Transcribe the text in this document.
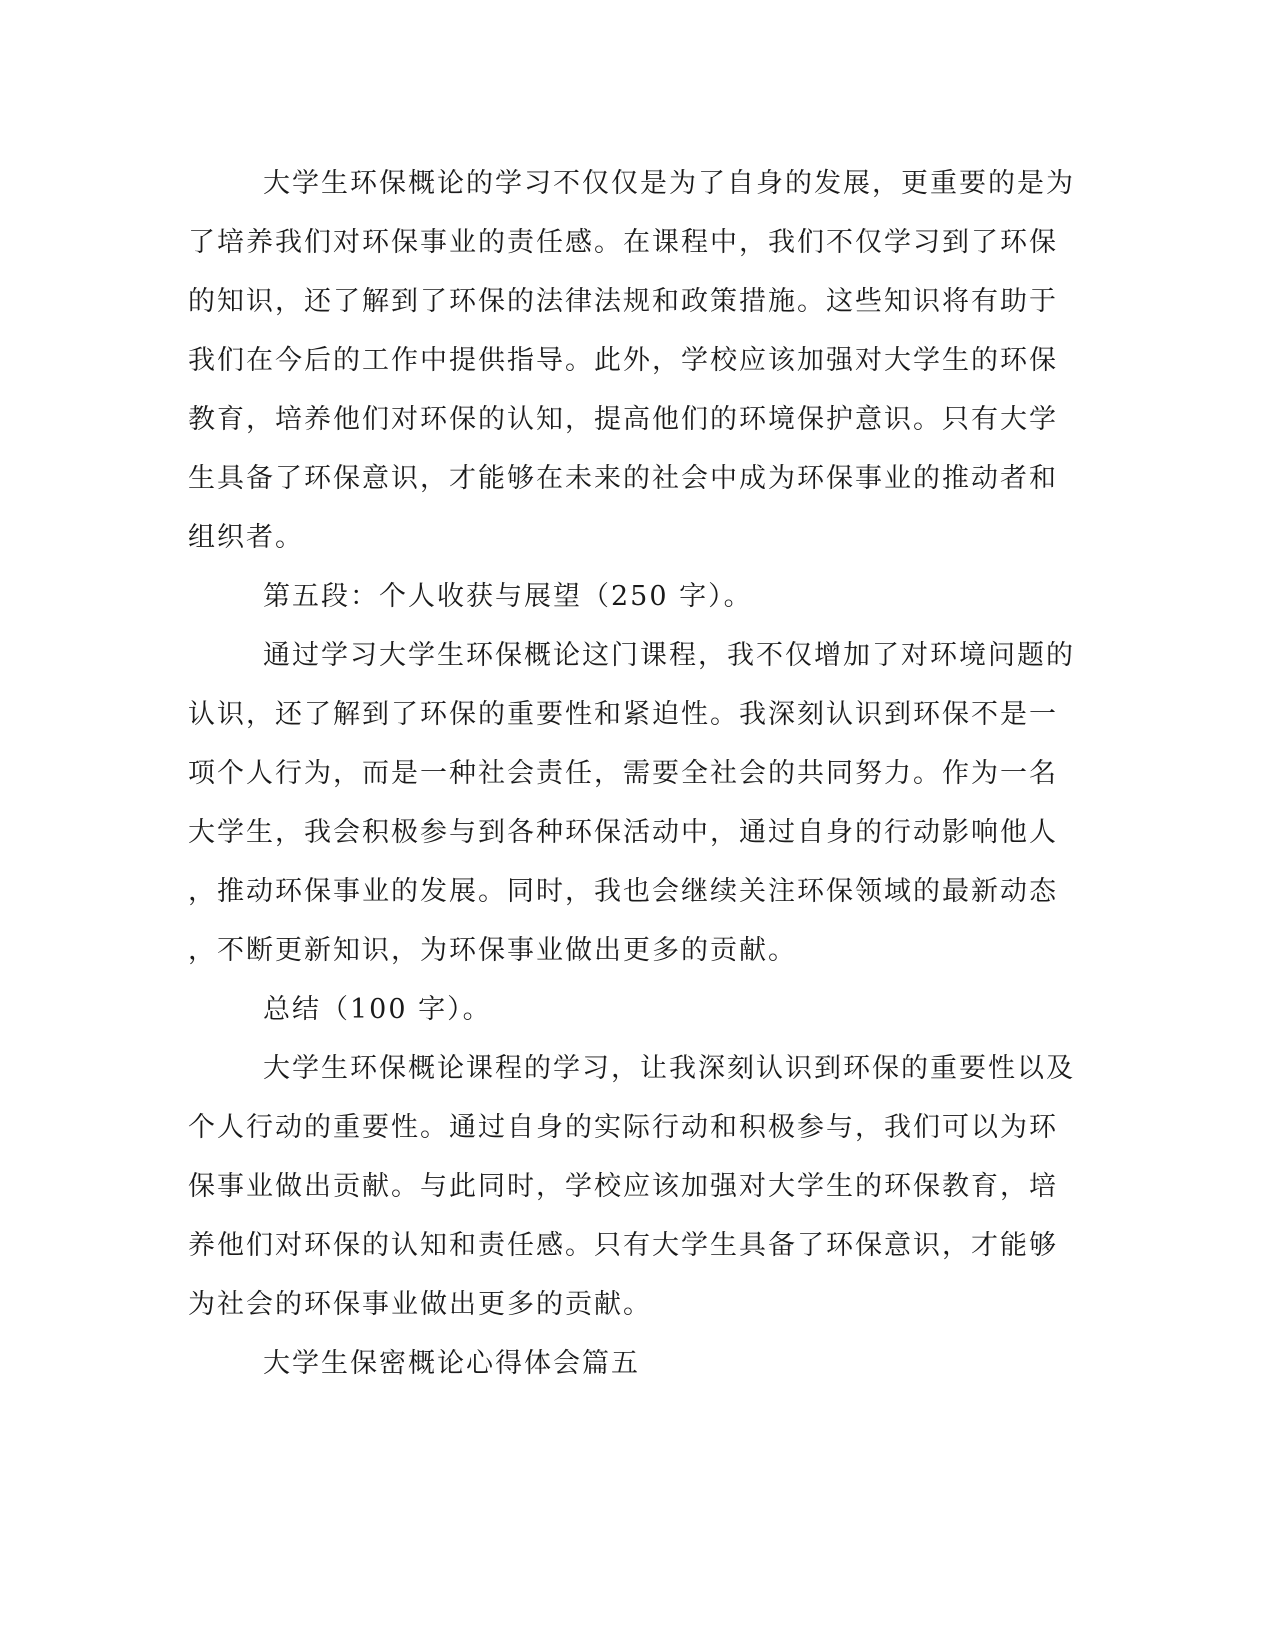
大学生环保概论的学习不仅仅是为了自身的发展，更重要的是为
了培养我们对环保事业的责任感。在课程中，我们不仅学习到了环保
的知识，还了解到了环保的法律法规和政策措施。这些知识将有助于
我们在今后的工作中提供指导。此外，学校应该加强对大学生的环保
教育，培养他们对环保的认知，提高他们的环境保护意识。只有大学
生具备了环保意识，才能够在未来的社会中成为环保事业的推动者和
组织者。
第五段：个人收获与展望（250 字）。
通过学习大学生环保概论这门课程，我不仅增加了对环境问题的
认识，还了解到了环保的重要性和紧迫性。我深刻认识到环保不是一
项个人行为，而是一种社会责任，需要全社会的共同努力。作为一名
大学生，我会积极参与到各种环保活动中，通过自身的行动影响他人
，推动环保事业的发展。同时，我也会继续关注环保领域的最新动态
，不断更新知识，为环保事业做出更多的贡献。
总结（100 字）。
大学生环保概论课程的学习，让我深刻认识到环保的重要性以及
个人行动的重要性。通过自身的实际行动和积极参与，我们可以为环
保事业做出贡献。与此同时，学校应该加强对大学生的环保教育，培
养他们对环保的认知和责任感。只有大学生具备了环保意识，才能够
为社会的环保事业做出更多的贡献。
大学生保密概论心得体会篇五
